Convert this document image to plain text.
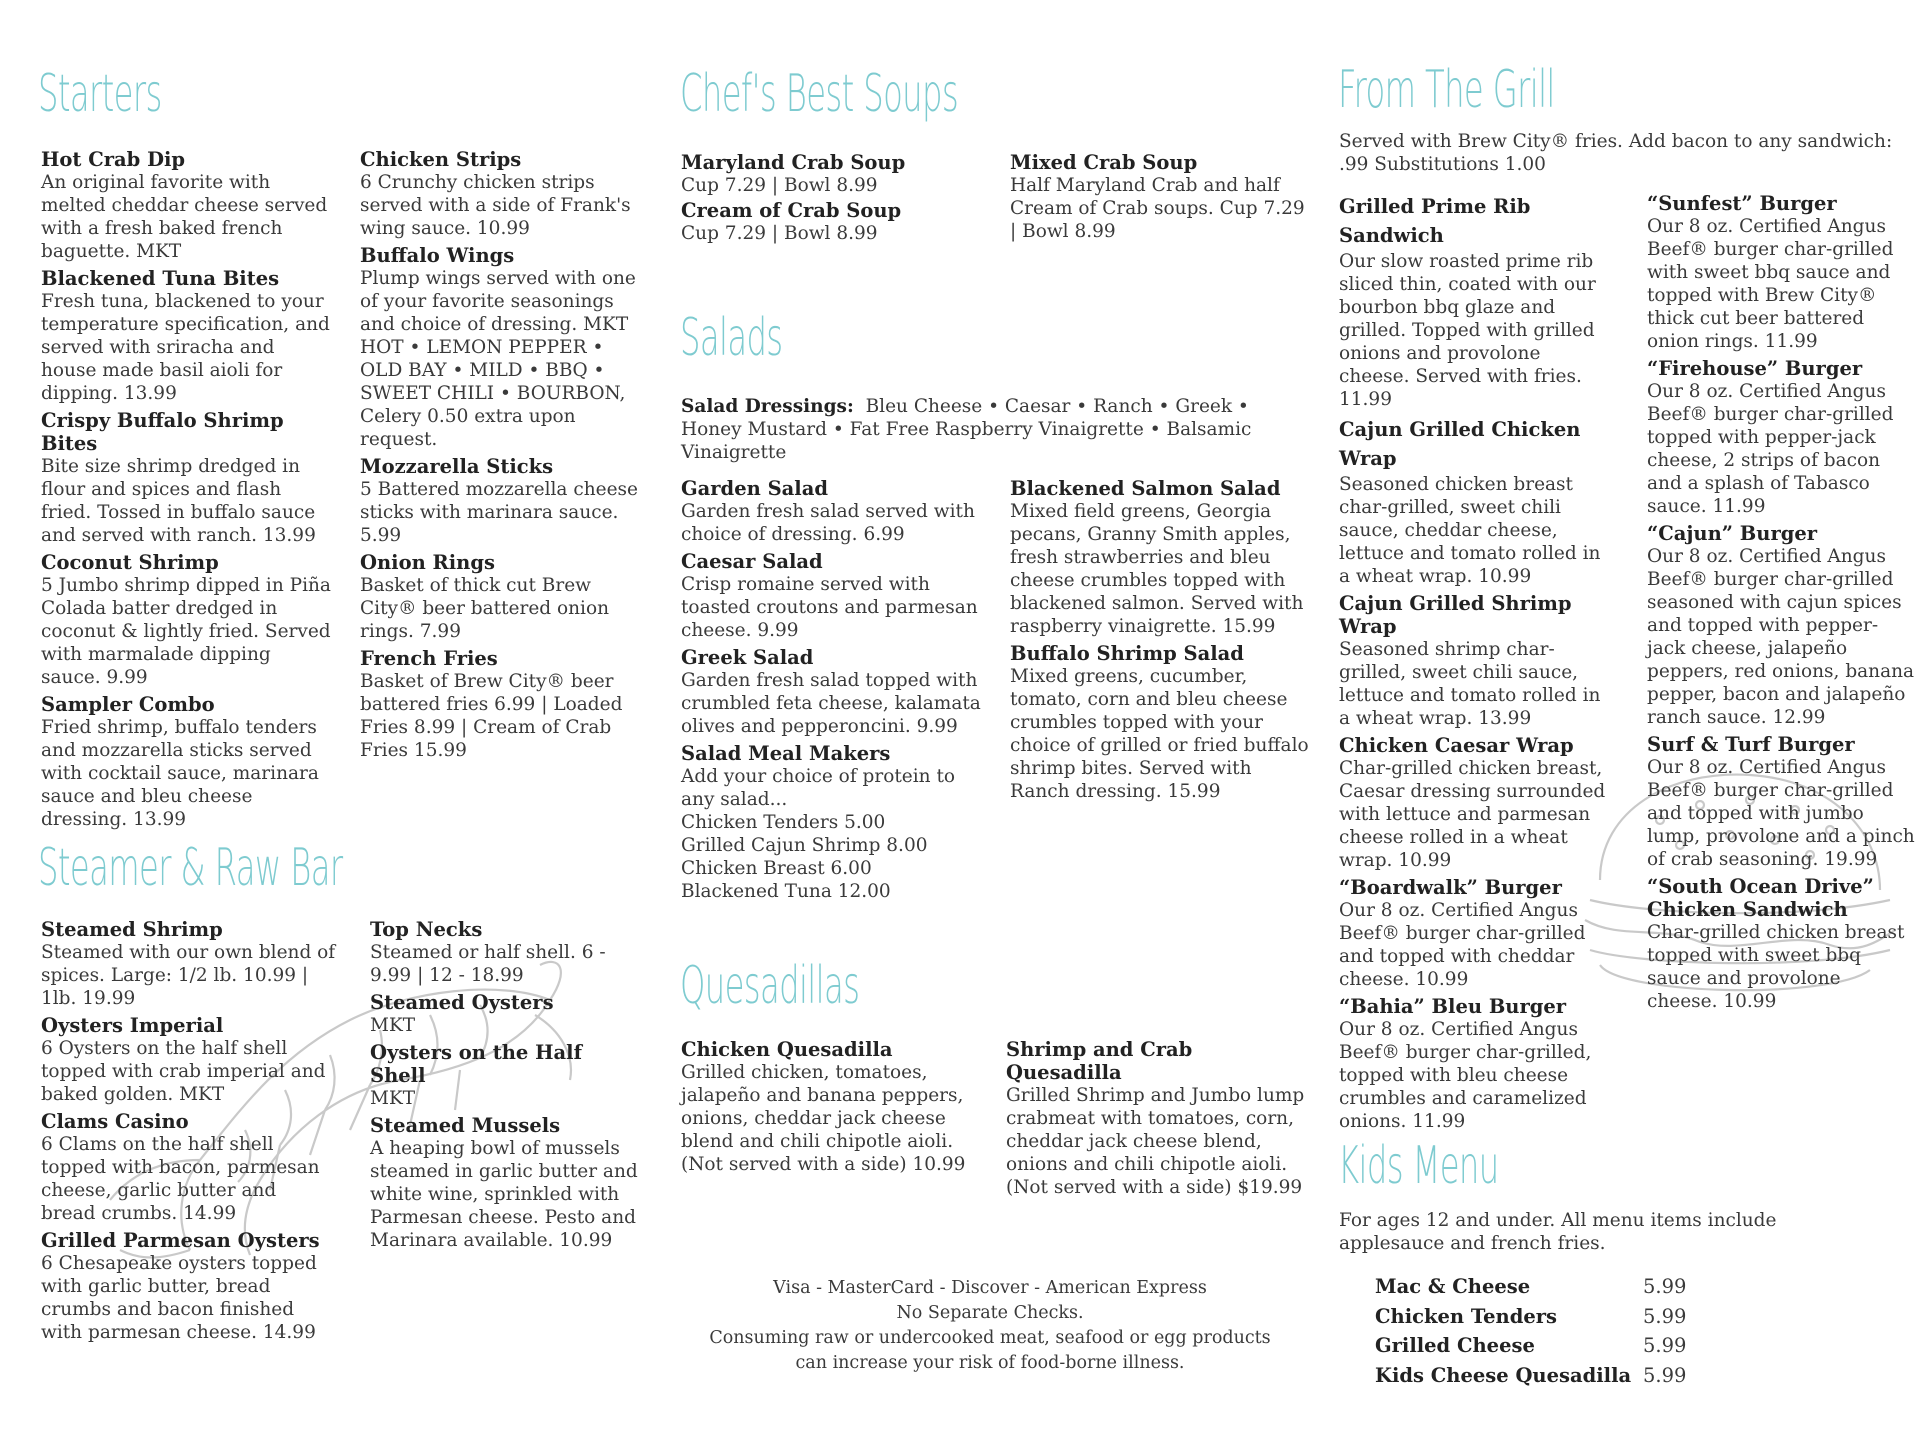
Starters
Hot Crab Dip
An original favorite with melted cheddar cheese served with a fresh baked french baguette. MKT
Blackened Tuna Bites
Fresh tuna, blackened to your temperature specification, and served with sriracha and house made basil aioli for dipping. 13.99
Crispy Buffalo Shrimp Bites
Bite size shrimp dredged in flour and spices and flash fried. Tossed in buffalo sauce and served with ranch. 13.99
Coconut Shrimp
5 Jumbo shrimp dipped in Piña Colada batter dredged in coconut & lightly fried. Served with marmalade dipping sauce. 9.99
Sampler Combo
Fried shrimp, buffalo tenders and mozzarella sticks served with cocktail sauce, marinara sauce and bleu cheese dressing. 13.99
Chicken Strips
6 Crunchy chicken strips served with a side of Frank's wing sauce. 10.99
Buffalo Wings
Plump wings served with one of your favorite seasonings and choice of dressing. MKT HOT • LEMON PEPPER • OLD BAY • MILD • BBQ • SWEET CHILI • BOURBON, Celery 0.50 extra upon request.
Mozzarella Sticks
5 Battered mozzarella cheese sticks with marinara sauce. 5.99
Onion Rings
Basket of thick cut Brew City® beer battered onion rings. 7.99
French Fries
Basket of Brew City® beer battered fries 6.99 | Loaded Fries 8.99 | Cream of Crab Fries 15.99
Steamer & Raw Bar
Steamed Shrimp
Steamed with our own blend of spices. Large: 1/2 lb. 10.99 | 1lb. 19.99
Oysters Imperial
6 Oysters on the half shell topped with crab imperial and baked golden. MKT
Clams Casino
6 Clams on the half shell topped with bacon, parmesan cheese, garlic butter and bread crumbs. 14.99
Grilled Parmesan Oysters
6 Chesapeake oysters topped with garlic butter, bread crumbs and bacon finished with parmesan cheese. 14.99
Top Necks
Steamed or half shell. 6 - 9.99 | 12 - 18.99
Steamed Oysters
MKT
Oysters on the Half Shell
MKT
Steamed Mussels
A heaping bowl of mussels steamed in garlic butter and white wine, sprinkled with Parmesan cheese. Pesto and Marinara available. 10.99
Chef's Best Soups
Maryland Crab Soup
Cup 7.29 | Bowl 8.99
Cream of Crab Soup
Cup 7.29 | Bowl 8.99
Mixed Crab Soup
Half Maryland Crab and half Cream of Crab soups. Cup 7.29 | Bowl 8.99
Salads
Salad Dressings: Bleu Cheese • Caesar • Ranch • Greek • Honey Mustard • Fat Free Raspberry Vinaigrette • Balsamic Vinaigrette
Garden Salad
Garden fresh salad served with choice of dressing. 6.99
Caesar Salad
Crisp romaine served with toasted croutons and parmesan cheese. 9.99
Greek Salad
Garden fresh salad topped with crumbled feta cheese, kalamata olives and pepperoncini. 9.99
Salad Meal Makers
Add your choice of protein to any salad...
Chicken Tenders 5.00
Grilled Cajun Shrimp 8.00
Chicken Breast 6.00
Blackened Tuna 12.00
Blackened Salmon Salad
Mixed field greens, Georgia pecans, Granny Smith apples, fresh strawberries and bleu cheese crumbles topped with blackened salmon. Served with raspberry vinaigrette. 15.99
Buffalo Shrimp Salad
Mixed greens, cucumber, tomato, corn and bleu cheese crumbles topped with your choice of grilled or fried buffalo shrimp bites. Served with Ranch dressing. 15.99
Quesadillas
Chicken Quesadilla
Grilled chicken, tomatoes, jalapeño and banana peppers, onions, cheddar jack cheese blend and chili chipotle aioli. (Not served with a side) 10.99
Shrimp and Crab Quesadilla
Grilled Shrimp and Jumbo lump crabmeat with tomatoes, corn, cheddar jack cheese blend, onions and chili chipotle aioli. (Not served with a side) $19.99
Visa - MasterCard - Discover - American Express
No Separate Checks.
Consuming raw or undercooked meat, seafood or egg products
can increase your risk of food-borne illness.
From The Grill
Served with Brew City® fries. Add bacon to any sandwich: .99 Substitutions 1.00
Grilled Prime Rib Sandwich
Our slow roasted prime rib sliced thin, coated with our bourbon bbq glaze and grilled. Topped with grilled onions and provolone cheese. Served with fries. 11.99
Cajun Grilled Chicken Wrap
Seasoned chicken breast char-grilled, sweet chili sauce, cheddar cheese, lettuce and tomato rolled in a wheat wrap. 10.99
Cajun Grilled Shrimp Wrap
Seasoned shrimp char-grilled, sweet chili sauce, lettuce and tomato rolled in a wheat wrap. 13.99
Chicken Caesar Wrap
Char-grilled chicken breast, Caesar dressing surrounded with lettuce and parmesan cheese rolled in a wheat wrap. 10.99
“Boardwalk” Burger
Our 8 oz. Certified Angus Beef® burger char-grilled and topped with cheddar cheese. 10.99
“Bahia” Bleu Burger
Our 8 oz. Certified Angus Beef® burger char-grilled, topped with bleu cheese crumbles and caramelized onions. 11.99
“Sunfest” Burger
Our 8 oz. Certified Angus Beef® burger char-grilled with sweet bbq sauce and topped with Brew City® thick cut beer battered onion rings. 11.99
“Firehouse” Burger
Our 8 oz. Certified Angus Beef® burger char-grilled topped with pepper-jack cheese, 2 strips of bacon and a splash of Tabasco sauce. 11.99
“Cajun” Burger
Our 8 oz. Certified Angus Beef® burger char-grilled seasoned with cajun spices and topped with pepper-jack cheese, jalapeño peppers, red onions, banana pepper, bacon and jalapeño ranch sauce. 12.99
Surf & Turf Burger
Our 8 oz. Certified Angus Beef® burger char-grilled and topped with jumbo lump, provolone and a pinch of crab seasoning. 19.99
“South Ocean Drive” Chicken Sandwich
Char-grilled chicken breast topped with sweet bbq sauce and provolone cheese. 10.99
Kids Menu
For ages 12 and under. All menu items include applesauce and french fries.
Mac & Cheese	5.99
Chicken Tenders	5.99
Grilled Cheese	5.99
Kids Cheese Quesadilla 5.99
